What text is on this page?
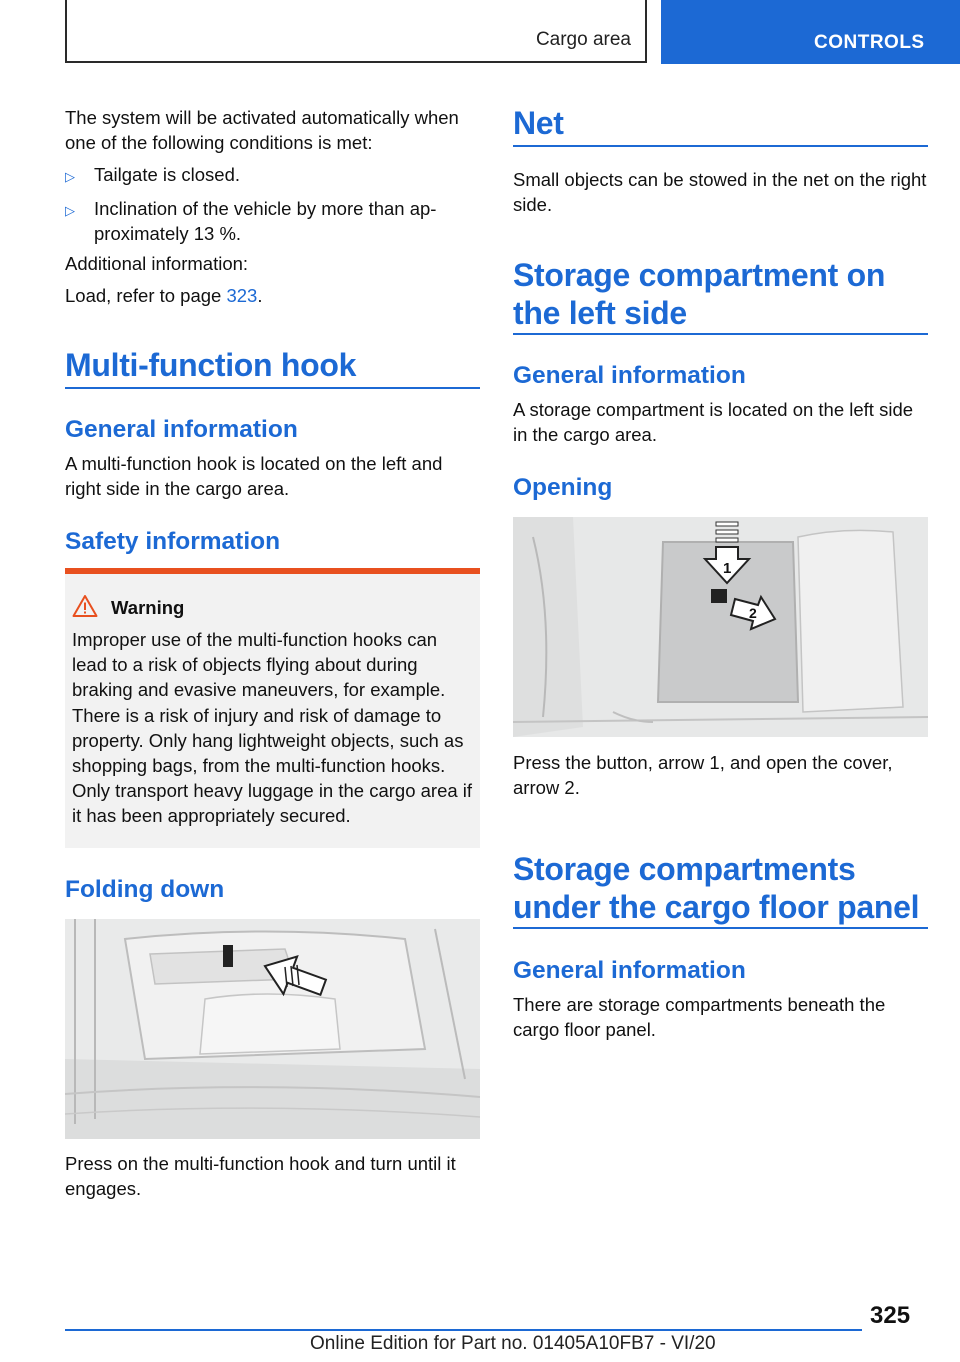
Cargo area	CONTROLS
The system will be activated automatically when one of the following conditions is met:
▷	Tailgate is closed.
▷	Inclination of the vehicle by more than ap-proximately 13 %.
Additional information:
Load, refer to page 323.
Multi-function hook
General information
A multi-function hook is located on the left and right side in the cargo area.
Safety information
Warning
Improper use of the multi-function hooks can lead to a risk of objects flying about during braking and evasive maneuvers, for example. There is a risk of injury and risk of damage to property. Only hang lightweight objects, such as shopping bags, from the multi-function hooks. Only transport heavy luggage in the cargo area if it has been appropriately secured.
Folding down
Press on the multi-function hook and turn until it engages.
Net
Small objects can be stowed in the net on the right side.
Storage compartment on the left side
General information
A storage compartment is located on the left side in the cargo area.
Opening
1
2
Press the button, arrow 1, and open the cover, arrow 2.
Storage compartments under the cargo floor panel
General information
There are storage compartments beneath the cargo floor panel.
325
Online Edition for Part no. 01405A10FB7 - VI/20
